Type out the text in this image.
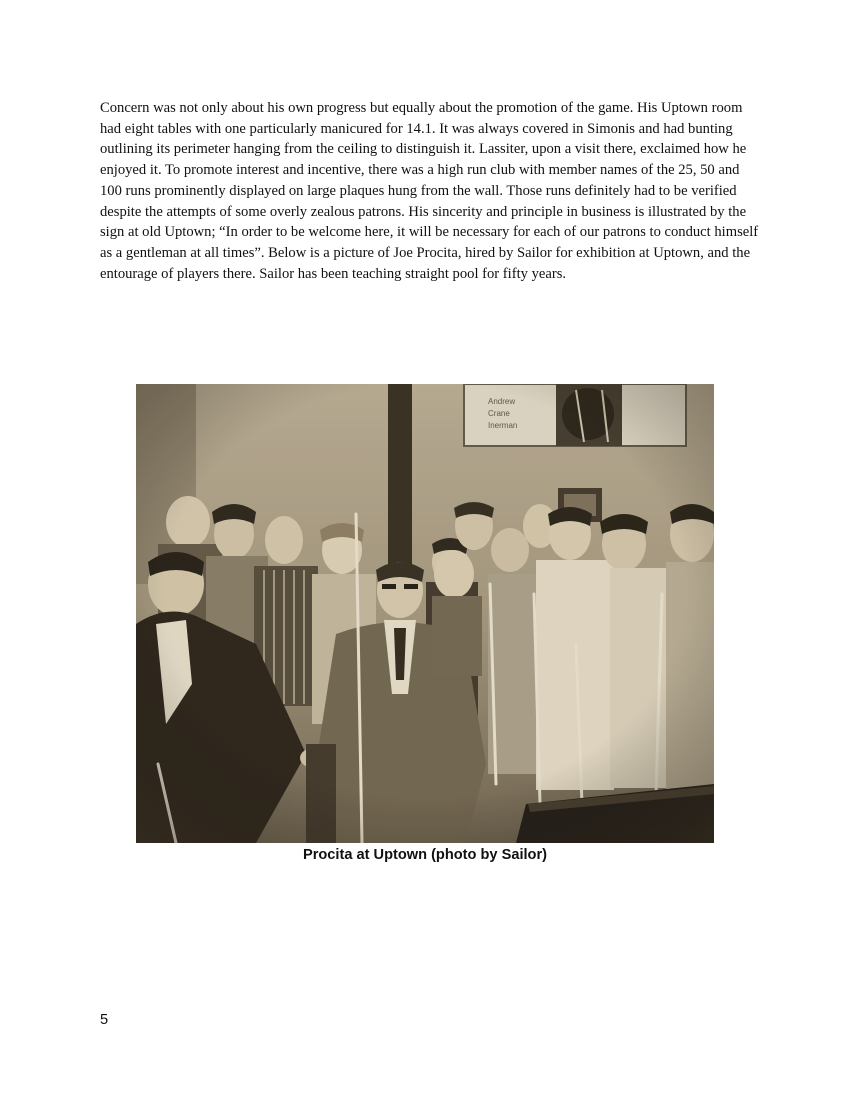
Concern was not only about his own progress but equally about the promotion of the game. His Uptown room had eight tables with one particularly manicured for 14.1. It was always covered in Simonis and had bunting outlining its perimeter hanging from the ceiling to distinguish it. Lassiter, upon a visit there, exclaimed how he enjoyed it. To promote interest and incentive, there was a high run club with member names of the 25, 50 and 100 runs prominently displayed on large plaques hung from the wall. Those runs definitely had to be verified despite the attempts of some overly zealous patrons. His sincerity and principle in business is illustrated by the sign at old Uptown; “In order to be welcome here, it will be necessary for each of our patrons to conduct himself as a gentleman at all times”. Below is a picture of Joe Procita, hired by Sailor for exhibition at Uptown, and the entourage of players there. Sailor has been teaching straight pool for fifty years.

Procita at Uptown (photo by Sailor)

5
